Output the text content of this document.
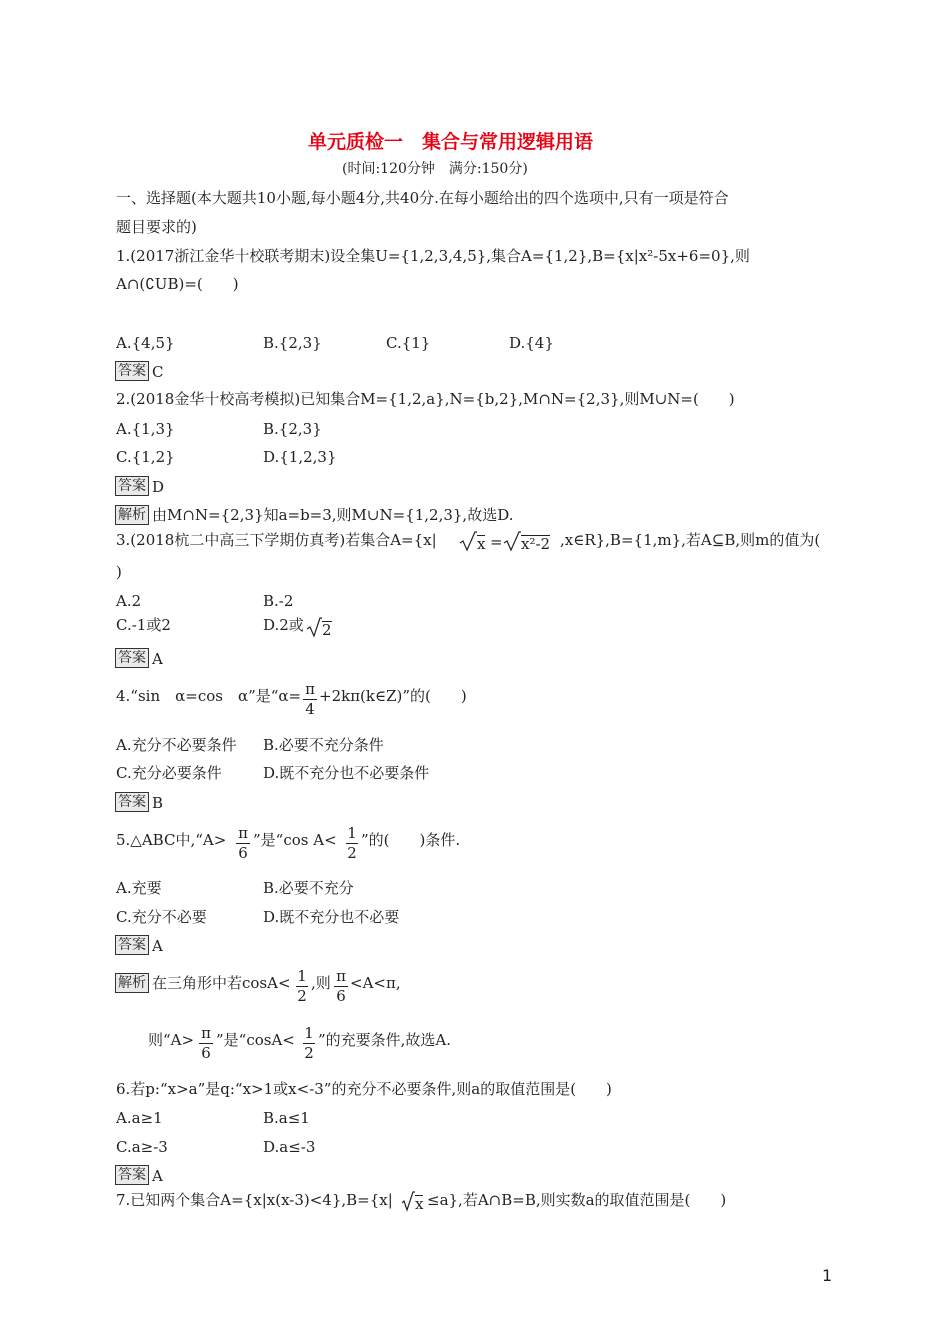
单元质检一　集合与常用逻辑用语
(时间:120分钟　满分:150分)
一、选择题(本大题共10小题,每小题4分,共40分.在每小题给出的四个选项中,只有一项是符合
题目要求的)
1.(2017浙江金华十校联考期末)设全集U={1,2,3,4,5},集合A={1,2},B={x|x²-5x+6=0},则
A∩(∁UB)=(　　)
A.{4,5}	B.{2,3}	C.{1}	D.{4}
答案 C
2.(2018金华十校高考模拟)已知集合M={1,2,a},N={b,2},M∩N={2,3},则M∪N=(　　)
A.{1,3}	B.{2,3}
C.{1,2}	D.{1,2,3}
答案 D
解析 由M∩N={2,3}知a=b=3,则M∪N={1,2,3},故选D.
3.(2018杭二中高三下学期仿真考)若集合A={x|	x = x²-2 ,x∈R},B={1,m},若A⊆B,则m的值为(
)
A.2	B.-2
C.-1或2	D.2或 2
答案 A
4.“sin　α=cos　α”是“α= π
4
+2kπ(k∈Z)”的(　　)
A.充分不必要条件 B.必要不充分条件
C.充分必要条件	D.既不充分也不必要条件
答案 B
5.△ABC中,“A> π
6
”是“cos A< 1
2
”的(　　)条件.
A.充要	B.必要不充分
C.充分不必要	D.既不充分也不必要
答案 A
解析 在三角形中若cosA< 1
2
,则 π
6
<A<π,
则“A> π
6
”是“cosA< 1
2
”的充要条件,故选A.
6.若p:“x>a”是q:“x>1或x<-3”的充分不必要条件,则a的取值范围是(　　)
A.a≥1	B.a≤1
C.a≥-3	D.a≤-3
答案 A
7.已知两个集合A={x|x(x-3)<4},B={x| x ≤a},若A∩B=B,则实数a的取值范围是(　　)
1
